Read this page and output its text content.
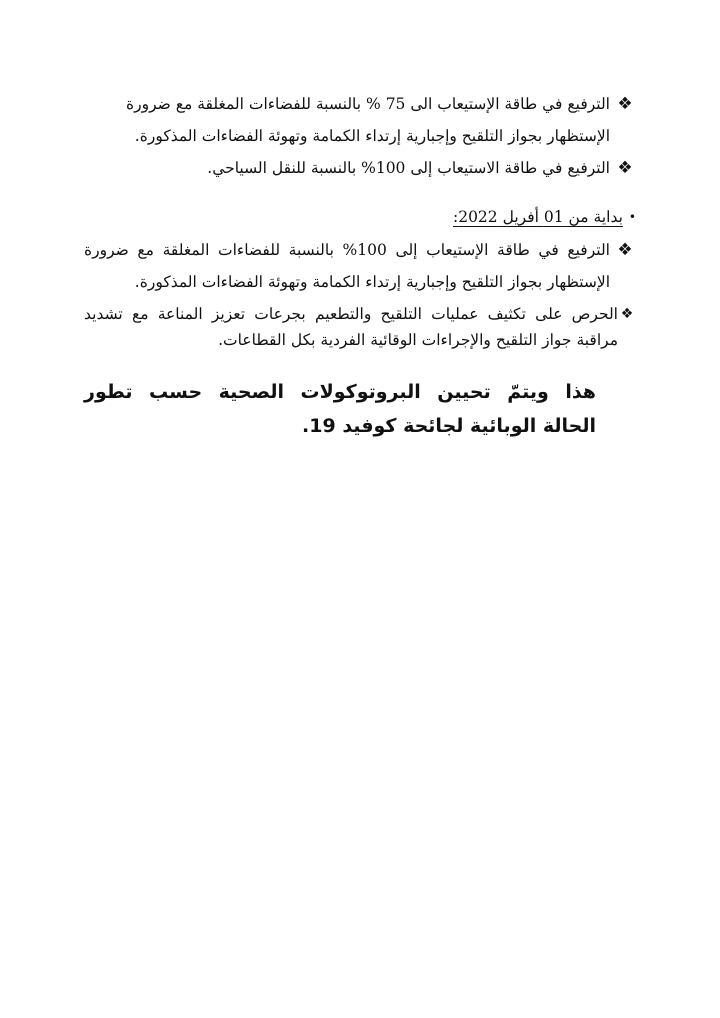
❖
الترفيع في طاقة الإستيعاب الى 75 % بالنسبة للفضاءات المغلقة مع ضرورة الإستظهار بجواز التلقيح وإجبارية إرتداء الكمامة وتهوئة الفضاءات المذكورة.
❖
الترفيع في طاقة الاستيعاب إلى 100% بالنسبة للنقل السياحي.
•
بداية من 01 أفريل 2022:
❖
الترفيع في طاقة الإستيعاب إلى 100% بالنسبة للفضاءات المغلقة مع ضرورة الإستظهار بجواز التلقيح وإجبارية إرتداء الكمامة وتهوئة الفضاءات المذكورة.
❖
الحرص على تكثيف عمليات التلقيح والتطعيم بجرعات تعزيز المناعة مع تشديد مراقبة جواز التلقيح والإجراءات الوقائية الفردية بكل القطاعات.
هذا ويتمّ تحيين البروتوكولات الصحية حسب تطور الحالة الوبائية لجائحة كوفيد 19.
